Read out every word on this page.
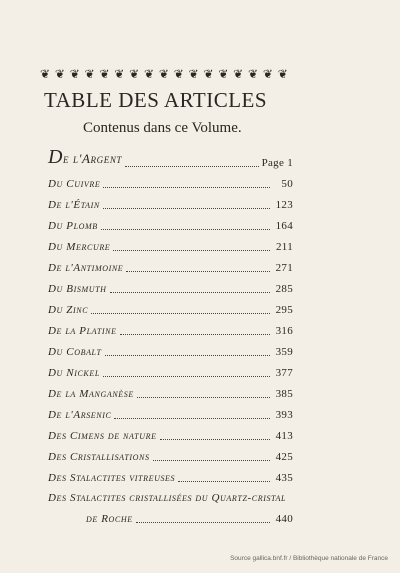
❦ ❦ ❦ ❦ ❦ ❦ ❦ ❦ ❦ ❦ ❦ ❦ ❦ ❦ ❦ ❦ ❦
TABLE DES ARTICLES
Contenus dans ce Volume.
De l'Argent	Page 1
Du Cuivre	50
De l'Étain	123
Du Plomb	164
Du Mercure	211
De l'Antimoine	271
Du Bismuth	285
Du Zinc	295
De la Platine	316
Du Cobalt	359
Du Nickel	377
De la Manganèse	385
De l'Arsenic	393
Des Cimens de nature	413
Des Cristallisations	425
Des Stalactites vitreuses	435
Des Stalactites cristallisées du Quartz-cristal
de Roche	440
Source gallica.bnf.fr / Bibliothèque nationale de France
